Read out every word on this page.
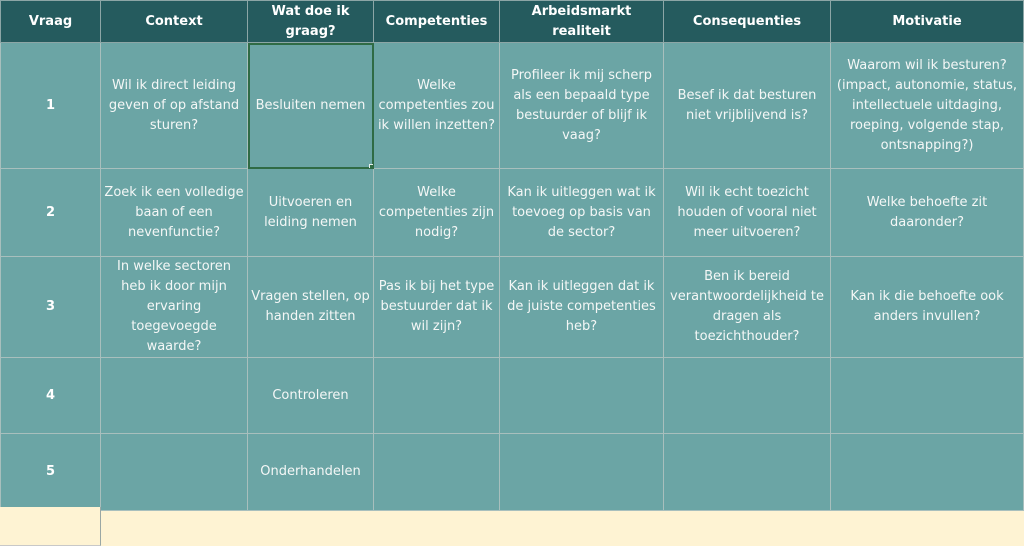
Vraag	Context	Wat doe ik graag?	Competenties	Arbeidsmarkt realiteit	Consequenties	Motivatie
1	Wil ik direct leiding geven of op afstand sturen?	Besluiten nemen	Welke competenties zou ik willen inzetten?	Profileer ik mij scherp als een bepaald type bestuurder of blijf ik vaag?	Besef ik dat besturen niet vrijblijvend is?	Waarom wil ik besturen? (impact, autonomie, status, intellectuele uitdaging, roeping, volgende stap, ontsnapping?)
2	Zoek ik een volledige baan of een nevenfunctie?	Uitvoeren en leiding nemen	Welke competenties zijn nodig?	Kan ik uitleggen wat ik toevoeg op basis van de sector?	Wil ik echt toezicht houden of vooral niet meer uitvoeren?	Welke behoefte zit daaronder?
3	In welke sectoren heb ik door mijn ervaring toegevoegde waarde?	Vragen stellen, op handen zitten	Pas ik bij het type bestuurder dat ik wil zijn?	Kan ik uitleggen dat ik de juiste competenties heb?	Ben ik bereid verantwoordelijkheid te dragen als toezichthouder?	Kan ik die behoefte ook anders invullen?
4		Controleren				
5		Onderhandelen				
